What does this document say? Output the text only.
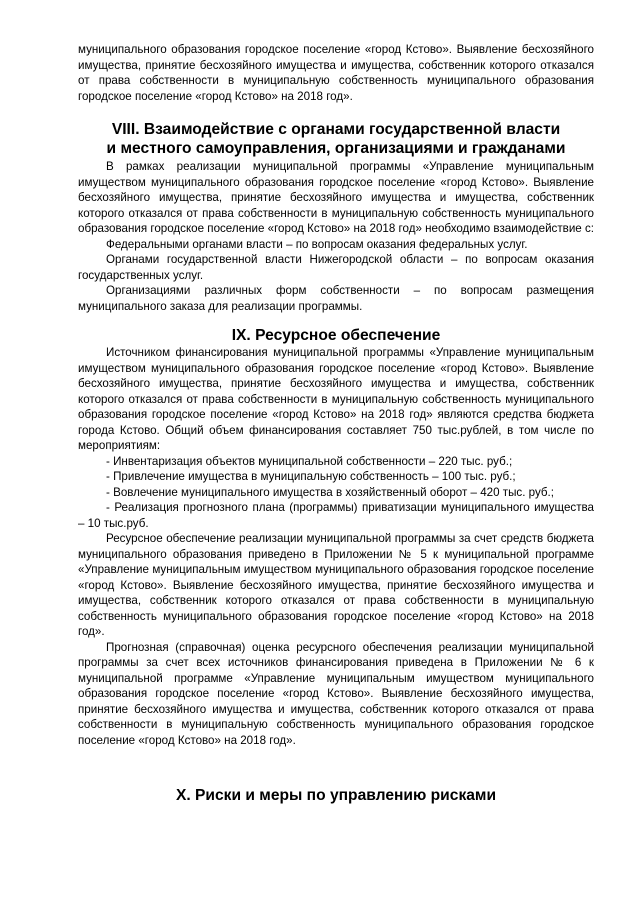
муниципального образования городское поселение «город Кстово». Выявление бесхозяйного имущества, принятие бесхозяйного имущества и имущества, собственник которого отказался от права собственности в муниципальную собственность муниципального образования городское поселение «город Кстово» на 2018 год».

VIII. Взаимодействие с органами государственной власти
и местного самоуправления, организациями и гражданами

В рамках реализации муниципальной программы «Управление муниципальным имуществом муниципального образования городское поселение «город Кстово». Выявление бесхозяйного имущества, принятие бесхозяйного имущества и имущества, собственник которого отказался от права собственности в муниципальную собственность муниципального образования городское поселение «город Кстово» на 2018 год» необходимо взаимодействие с:

Федеральными органами власти – по вопросам оказания федеральных услуг.

Органами государственной власти Нижегородской области – по вопросам оказания государственных услуг.

Организациями различных форм собственности – по вопросам размещения муниципального заказа для реализации программы.

IX. Ресурсное обеспечение

Источником финансирования муниципальной программы «Управление муниципальным имуществом муниципального образования городское поселение «город Кстово». Выявление бесхозяйного имущества, принятие бесхозяйного имущества и имущества, собственник которого отказался от права собственности в муниципальную собственность муниципального образования городское поселение «город Кстово» на 2018 год» являются средства бюджета города Кстово. Общий объем финансирования составляет 750 тыс.рублей, в том числе по мероприятиям:

- Инвентаризация объектов муниципальной собственности – 220 тыс. руб.;

- Привлечение имущества в муниципальную собственность – 100 тыс. руб.;

- Вовлечение муниципального имущества в хозяйственный оборот – 420 тыс. руб.;

- Реализация прогнозного плана (программы) приватизации муниципального имущества – 10 тыс.руб.

Ресурсное обеспечение реализации муниципальной программы за счет средств бюджета муниципального образования приведено в Приложении № 5 к муниципальной программе «Управление муниципальным имуществом муниципального образования городское поселение «город Кстово». Выявление бесхозяйного имущества, принятие бесхозяйного имущества и имущества, собственник которого отказался от права собственности в муниципальную собственность муниципального образования городское поселение «город Кстово» на 2018 год».

Прогнозная (справочная) оценка ресурсного обеспечения реализации муниципальной программы за счет всех источников финансирования приведена в Приложении № 6 к муниципальной программе «Управление муниципальным имуществом муниципального образования городское поселение «город Кстово». Выявление бесхозяйного имущества, принятие бесхозяйного имущества и имущества, собственник которого отказался от права собственности в муниципальную собственность муниципального образования городское поселение «город Кстово» на 2018 год».

X. Риски и меры по управлению рисками
